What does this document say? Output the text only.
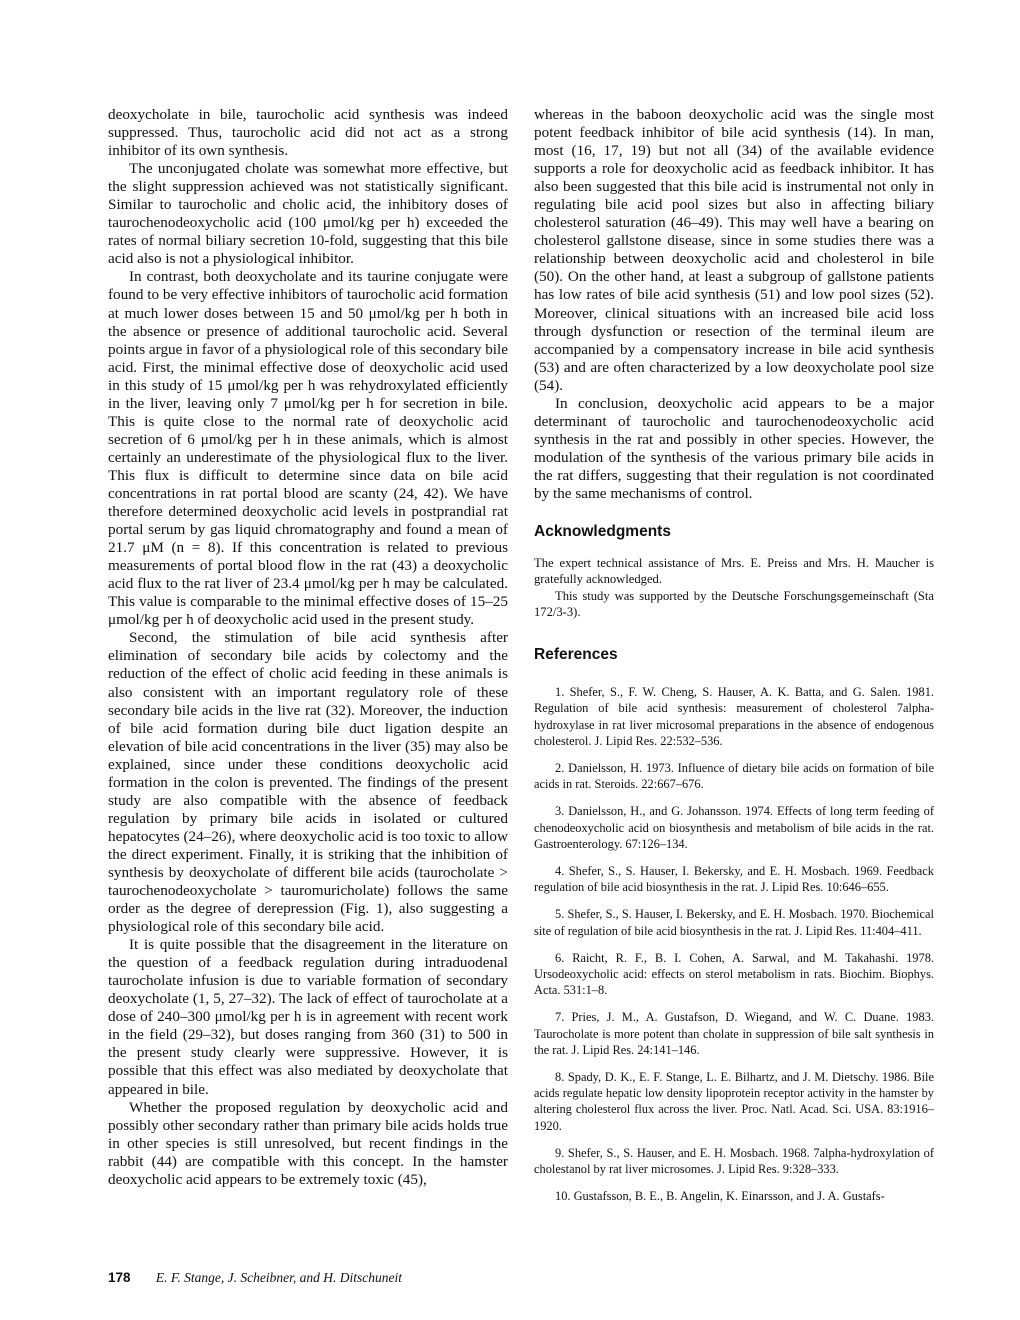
deoxycholate in bile, taurocholic acid synthesis was indeed suppressed. Thus, taurocholic acid did not act as a strong inhibitor of its own synthesis.

The unconjugated cholate was somewhat more effective, but the slight suppression achieved was not statistically significant. Similar to taurocholic and cholic acid, the inhibitory doses of taurochenodeoxycholic acid (100 μmol/kg per h) exceeded the rates of normal biliary secretion 10-fold, suggesting that this bile acid also is not a physiological inhibitor.

In contrast, both deoxycholate and its taurine conjugate were found to be very effective inhibitors of taurocholic acid formation at much lower doses between 15 and 50 μmol/kg per h both in the absence or presence of additional taurocholic acid. Several points argue in favor of a physiological role of this secondary bile acid. First, the minimal effective dose of deoxycholic acid used in this study of 15 μmol/kg per h was rehydroxylated efficiently in the liver, leaving only 7 μmol/kg per h for secretion in bile. This is quite close to the normal rate of deoxycholic acid secretion of 6 μmol/kg per h in these animals, which is almost certainly an underestimate of the physiological flux to the liver. This flux is difficult to determine since data on bile acid concentrations in rat portal blood are scanty (24, 42). We have therefore determined deoxycholic acid levels in postprandial rat portal serum by gas liquid chromatography and found a mean of 21.7 μM (n = 8). If this concentration is related to previous measurements of portal blood flow in the rat (43) a deoxycholic acid flux to the rat liver of 23.4 μmol/kg per h may be calculated. This value is comparable to the minimal effective doses of 15–25 μmol/kg per h of deoxycholic acid used in the present study.

Second, the stimulation of bile acid synthesis after elimination of secondary bile acids by colectomy and the reduction of the effect of cholic acid feeding in these animals is also consistent with an important regulatory role of these secondary bile acids in the live rat (32). Moreover, the induction of bile acid formation during bile duct ligation despite an elevation of bile acid concentrations in the liver (35) may also be explained, since under these conditions deoxycholic acid formation in the colon is prevented. The findings of the present study are also compatible with the absence of feedback regulation by primary bile acids in isolated or cultured hepatocytes (24–26), where deoxycholic acid is too toxic to allow the direct experiment. Finally, it is striking that the inhibition of synthesis by deoxycholate of different bile acids (taurocholate > taurochenodeoxycholate > tauromuricholate) follows the same order as the degree of derepression (Fig. 1), also suggesting a physiological role of this secondary bile acid.

It is quite possible that the disagreement in the literature on the question of a feedback regulation during intraduodenal taurocholate infusion is due to variable formation of secondary deoxycholate (1, 5, 27–32). The lack of effect of taurocholate at a dose of 240–300 μmol/kg per h is in agreement with recent work in the field (29–32), but doses ranging from 360 (31) to 500 in the present study clearly were suppressive. However, it is possible that this effect was also mediated by deoxycholate that appeared in bile.

Whether the proposed regulation by deoxycholic acid and possibly other secondary rather than primary bile acids holds true in other species is still unresolved, but recent findings in the rabbit (44) are compatible with this concept. In the hamster deoxycholic acid appears to be extremely toxic (45),

whereas in the baboon deoxycholic acid was the single most potent feedback inhibitor of bile acid synthesis (14). In man, most (16, 17, 19) but not all (34) of the available evidence supports a role for deoxycholic acid as feedback inhibitor. It has also been suggested that this bile acid is instrumental not only in regulating bile acid pool sizes but also in affecting biliary cholesterol saturation (46–49). This may well have a bearing on cholesterol gallstone disease, since in some studies there was a relationship between deoxycholic acid and cholesterol in bile (50). On the other hand, at least a subgroup of gallstone patients has low rates of bile acid synthesis (51) and low pool sizes (52). Moreover, clinical situations with an increased bile acid loss through dysfunction or resection of the terminal ileum are accompanied by a compensatory increase in bile acid synthesis (53) and are often characterized by a low deoxycholate pool size (54).

In conclusion, deoxycholic acid appears to be a major determinant of taurocholic and taurochenodeoxycholic acid synthesis in the rat and possibly in other species. However, the modulation of the synthesis of the various primary bile acids in the rat differs, suggesting that their regulation is not coordinated by the same mechanisms of control.

Acknowledgments

The expert technical assistance of Mrs. E. Preiss and Mrs. H. Maucher is gratefully acknowledged.

This study was supported by the Deutsche Forschungsgemeinschaft (Sta 172/3-3).

References

1. Shefer, S., F. W. Cheng, S. Hauser, A. K. Batta, and G. Salen. 1981. Regulation of bile acid synthesis: measurement of cholesterol 7alpha-hydroxylase in rat liver microsomal preparations in the absence of endogenous cholesterol. J. Lipid Res. 22:532–536.

2. Danielsson, H. 1973. Influence of dietary bile acids on formation of bile acids in rat. Steroids. 22:667–676.

3. Danielsson, H., and G. Johansson. 1974. Effects of long term feeding of chenodeoxycholic acid on biosynthesis and metabolism of bile acids in the rat. Gastroenterology. 67:126–134.

4. Shefer, S., S. Hauser, I. Bekersky, and E. H. Mosbach. 1969. Feedback regulation of bile acid biosynthesis in the rat. J. Lipid Res. 10:646–655.

5. Shefer, S., S. Hauser, I. Bekersky, and E. H. Mosbach. 1970. Biochemical site of regulation of bile acid biosynthesis in the rat. J. Lipid Res. 11:404–411.

6. Raicht, R. F., B. I. Cohen, A. Sarwal, and M. Takahashi. 1978. Ursodeoxycholic acid: effects on sterol metabolism in rats. Biochim. Biophys. Acta. 531:1–8.

7. Pries, J. M., A. Gustafson, D. Wiegand, and W. C. Duane. 1983. Taurocholate is more potent than cholate in suppression of bile salt synthesis in the rat. J. Lipid Res. 24:141–146.

8. Spady, D. K., E. F. Stange, L. E. Bilhartz, and J. M. Dietschy. 1986. Bile acids regulate hepatic low density lipoprotein receptor activity in the hamster by altering cholesterol flux across the liver. Proc. Natl. Acad. Sci. USA. 83:1916–1920.

9. Shefer, S., S. Hauser, and E. H. Mosbach. 1968. 7alpha-hydroxylation of cholestanol by rat liver microsomes. J. Lipid Res. 9:328–333.

10. Gustafsson, B. E., B. Angelin, K. Einarsson, and J. A. Gustafs-

178 E. F. Stange, J. Scheibner, and H. Ditschuneit
